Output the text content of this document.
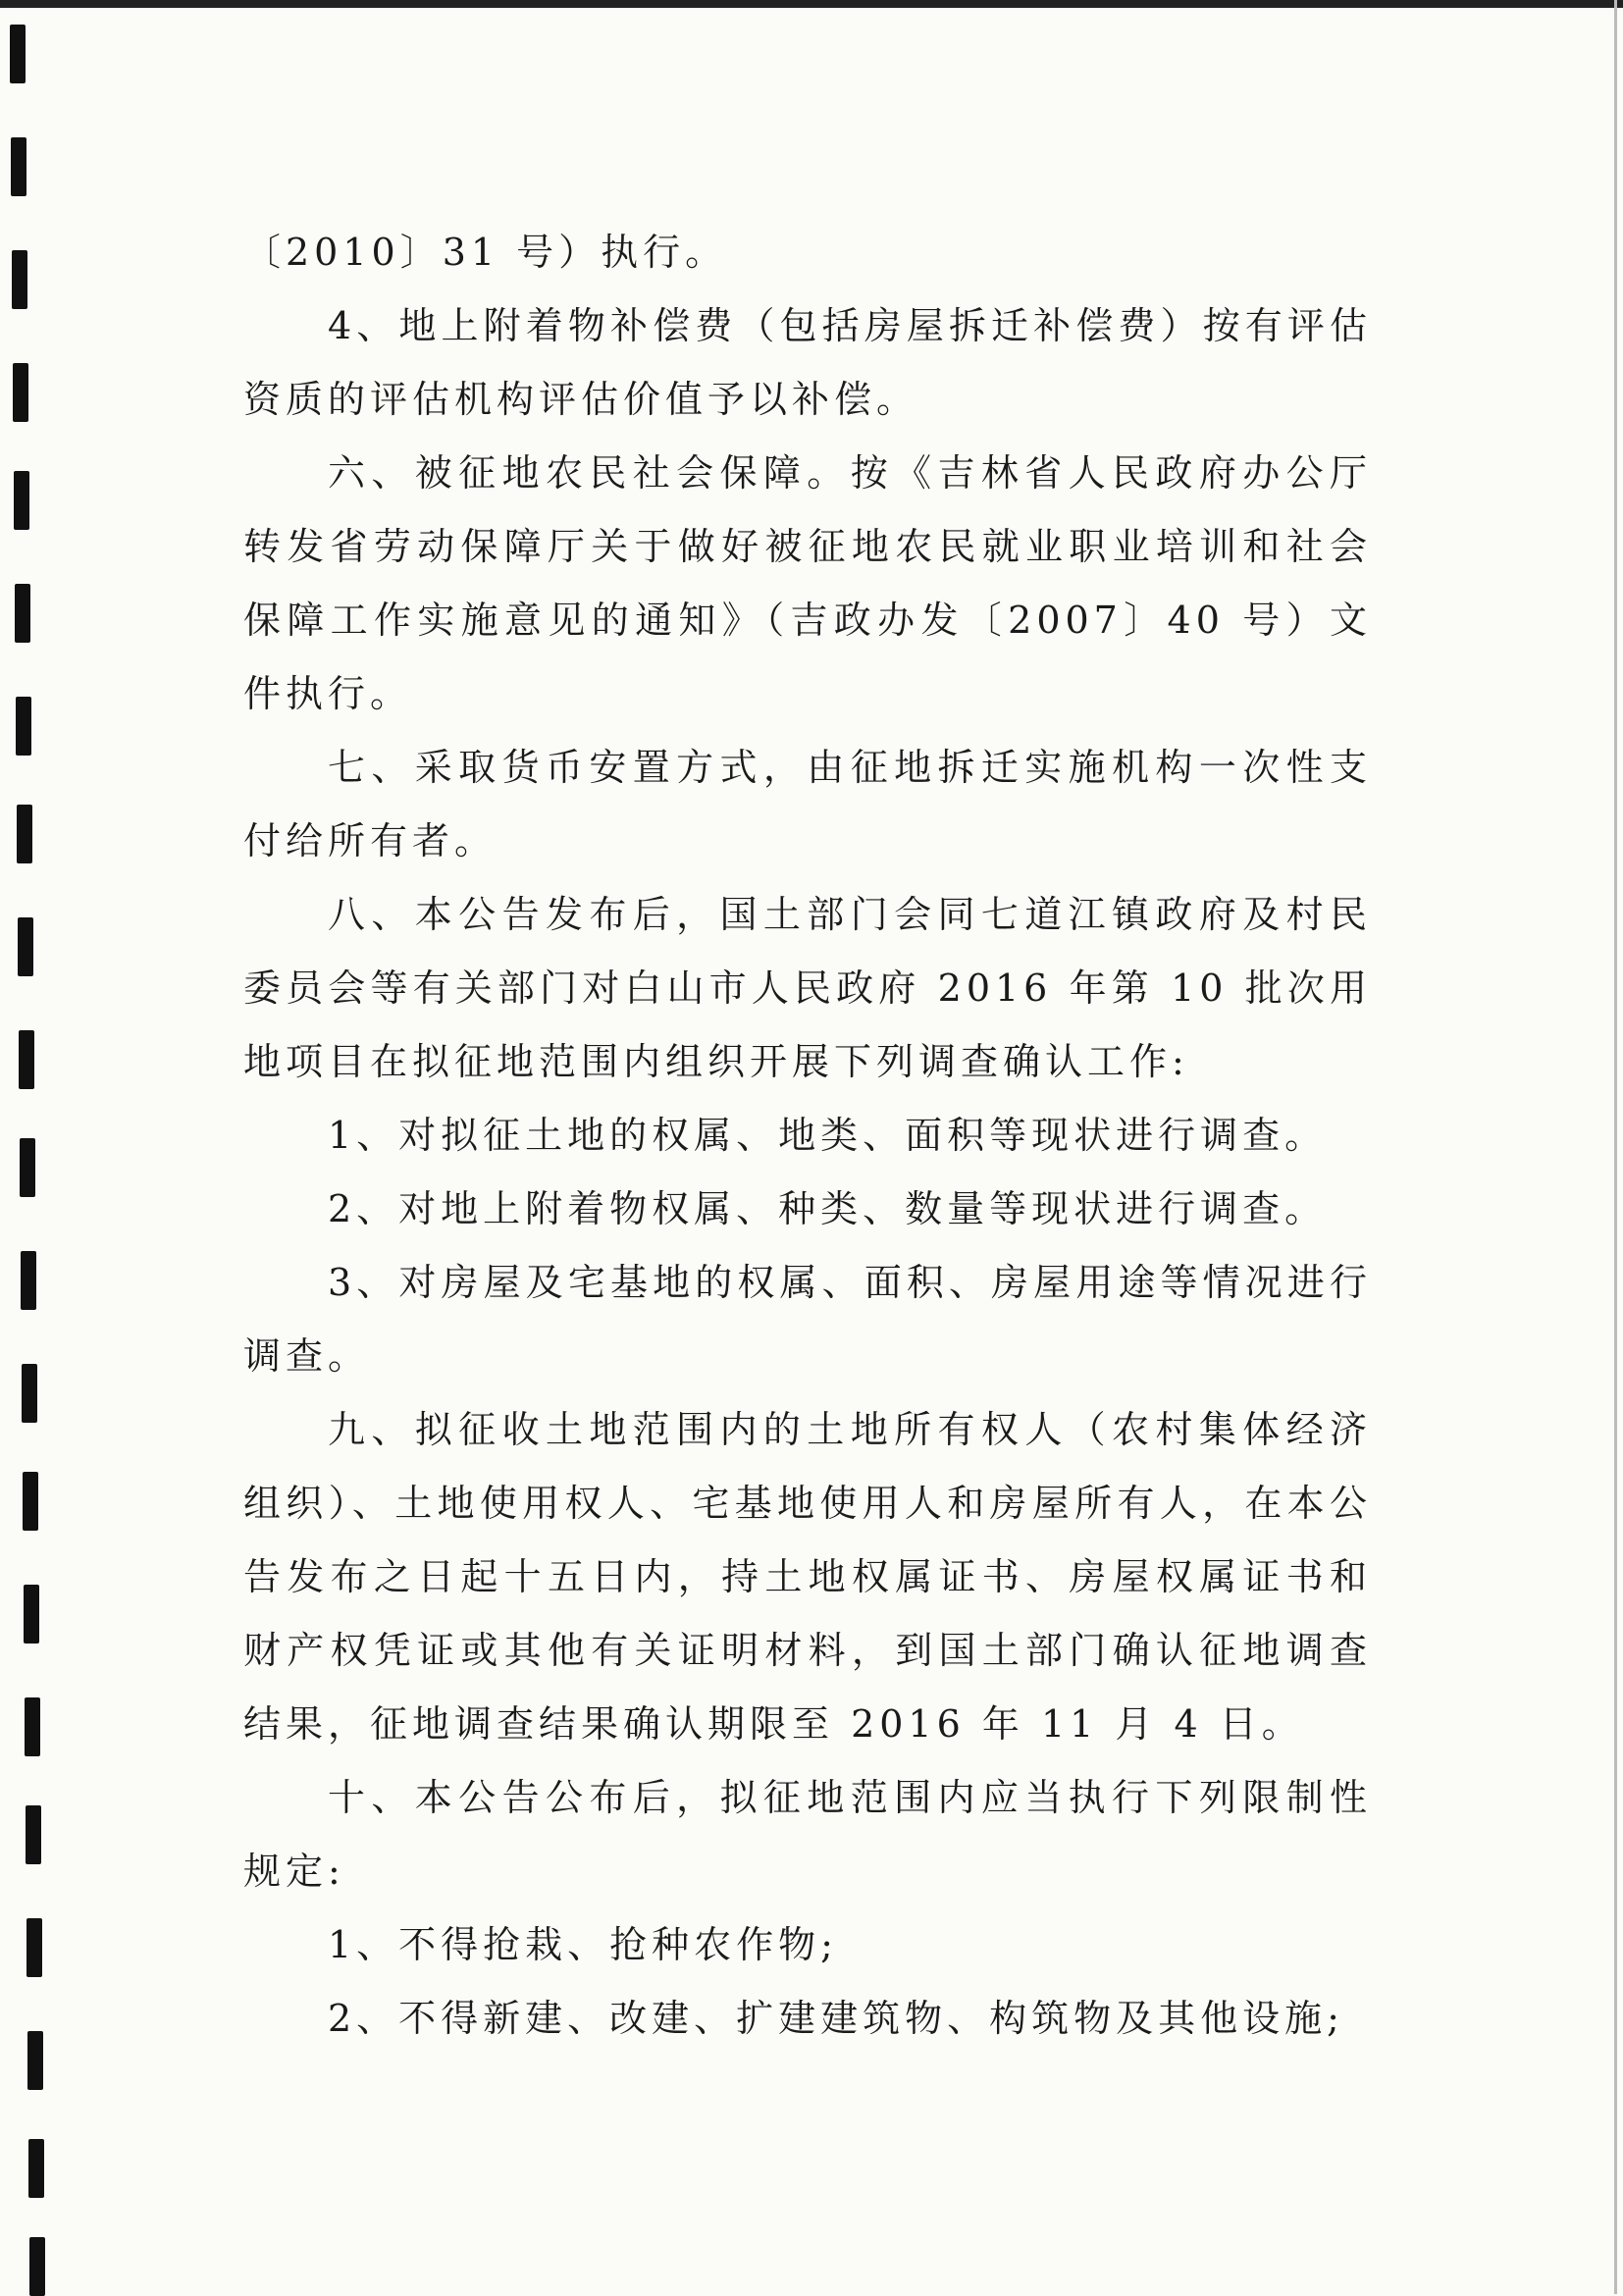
〔2010〕31 号）执行。

4、地上附着物补偿费（包括房屋拆迁补偿费）按有评估资质的评估机构评估价值予以补偿。

六、被征地农民社会保障。按《吉林省人民政府办公厅转发省劳动保障厅关于做好被征地农民就业职业培训和社会保障工作实施意见的通知》（吉政办发〔2007〕40 号）文件执行。

七、采取货币安置方式，由征地拆迁实施机构一次性支付给所有者。

八、本公告发布后，国土部门会同七道江镇政府及村民委员会等有关部门对白山市人民政府 2016 年第 10 批次用地项目在拟征地范围内组织开展下列调查确认工作:

1、对拟征土地的权属、地类、面积等现状进行调查。

2、对地上附着物权属、种类、数量等现状进行调查。

3、对房屋及宅基地的权属、面积、房屋用途等情况进行调查。

九、拟征收土地范围内的土地所有权人（农村集体经济组织）、土地使用权人、宅基地使用人和房屋所有人，在本公告发布之日起十五日内，持土地权属证书、房屋权属证书和财产权凭证或其他有关证明材料，到国土部门确认征地调查结果，征地调查结果确认期限至 2016 年 11 月 4 日。

十、本公告公布后，拟征地范围内应当执行下列限制性规定:

1、不得抢栽、抢种农作物;

2、不得新建、改建、扩建建筑物、构筑物及其他设施;
